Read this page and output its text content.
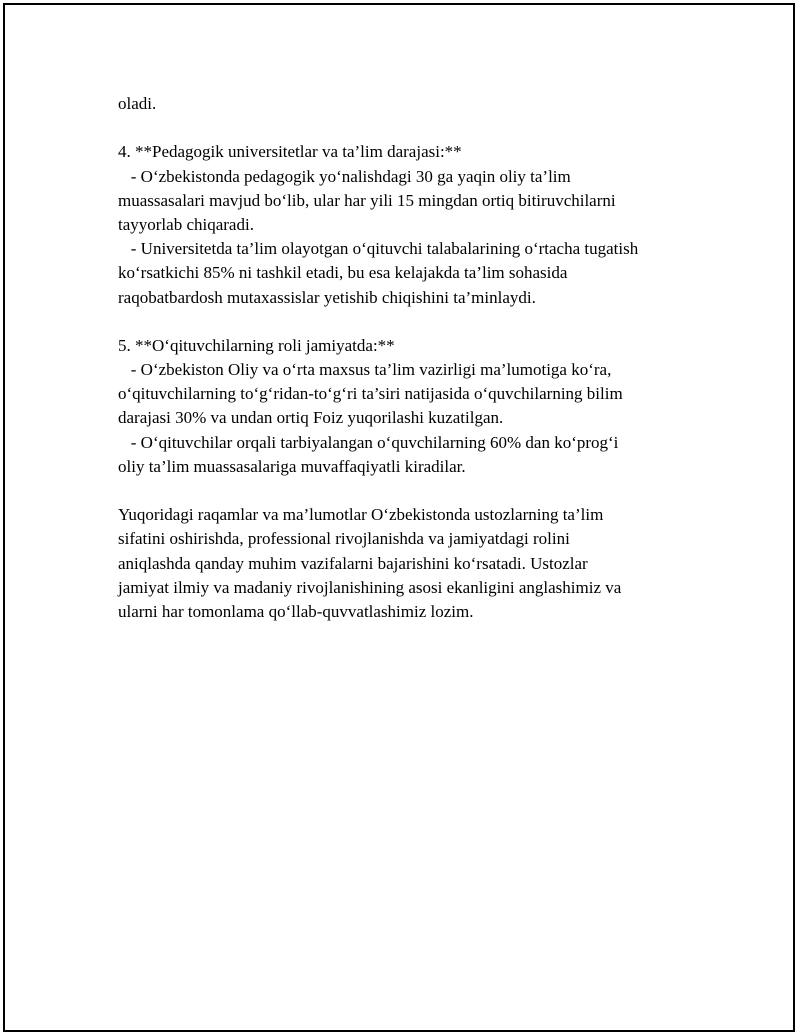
oladi.
4. **Pedagogik universitetlar va ta’lim darajasi:**
- O‘zbekistonda pedagogik yo‘nalishdagi 30 ga yaqin oliy ta’lim
muassasalari mavjud bo‘lib, ular har yili 15 mingdan ortiq bitiruvchilarni
tayyorlab chiqaradi.
- Universitetda ta’lim olayotgan o‘qituvchi talabalarining o‘rtacha tugatish
ko‘rsatkichi 85% ni tashkil etadi, bu esa kelajakda ta’lim sohasida
raqobatbardosh mutaxassislar yetishib chiqishini ta’minlaydi.
5. **O‘qituvchilarning roli jamiyatda:**
- O‘zbekiston Oliy va o‘rta maxsus ta’lim vazirligi ma’lumotiga ko‘ra,
o‘qituvchilarning to‘g‘ridan-to‘g‘ri ta’siri natijasida o‘quvchilarning bilim
darajasi 30% va undan ortiq Foiz yuqorilashi kuzatilgan.
- O‘qituvchilar orqali tarbiyalangan o‘quvchilarning 60% dan ko‘prog‘i
oliy ta’lim muassasalariga muvaffaqiyatli kiradilar.
Yuqoridagi raqamlar va ma’lumotlar O‘zbekistonda ustozlarning ta’lim
sifatini oshirishda, professional rivojlanishda va jamiyatdagi rolini
aniqlashda qanday muhim vazifalarni bajarishini ko‘rsatadi. Ustozlar
jamiyat ilmiy va madaniy rivojlanishining asosi ekanligini anglashimiz va
ularni har tomonlama qo‘llab-quvvatlashimiz lozim.
